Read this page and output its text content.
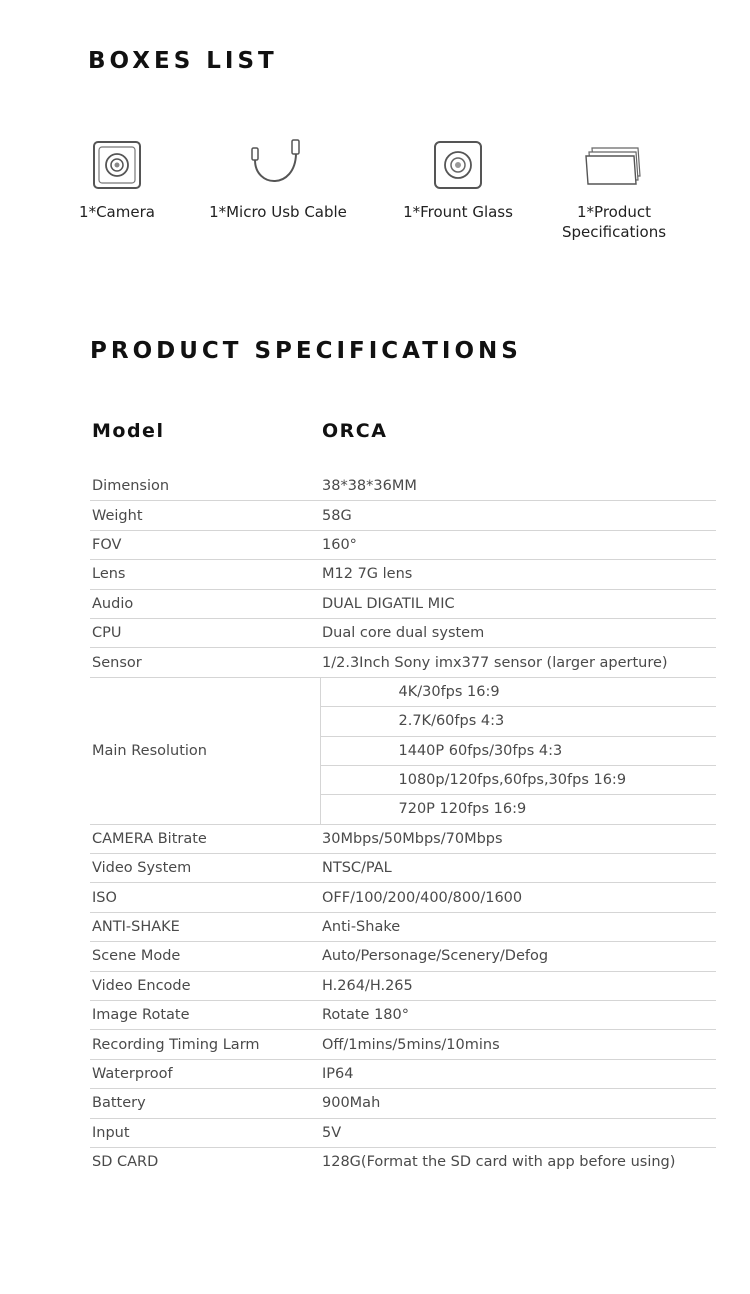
BOXES LIST
1*Camera	1*Micro Usb Cable	1*Frount Glass	1*Product
Specifications
PRODUCT SPECIFICATIONS
Model	ORCA
Dimension	38*38*36MM
Weight	58G
FOV	160°
Lens	M12 7G lens
Audio	DUAL DIGATIL MIC
CPU	Dual core dual system
Sensor	1/2.3Inch Sony imx377 sensor (larger aperture)
Main Resolution	4K/30fps 16:9
	2.7K/60fps 4:3
	1440P 60fps/30fps 4:3
	1080p/120fps,60fps,30fps 16:9
	720P 120fps 16:9
CAMERA Bitrate	30Mbps/50Mbps/70Mbps
Video System	NTSC/PAL
ISO	OFF/100/200/400/800/1600
ANTI-SHAKE	Anti-Shake
Scene Mode	Auto/Personage/Scenery/Defog
Video Encode	H.264/H.265
Image Rotate	Rotate 180°
Recording Timing Larm	Off/1mins/5mins/10mins
Waterproof	IP64
Battery	900Mah
Input	5V
SD CARD	128G(Format the SD card with app before using)
